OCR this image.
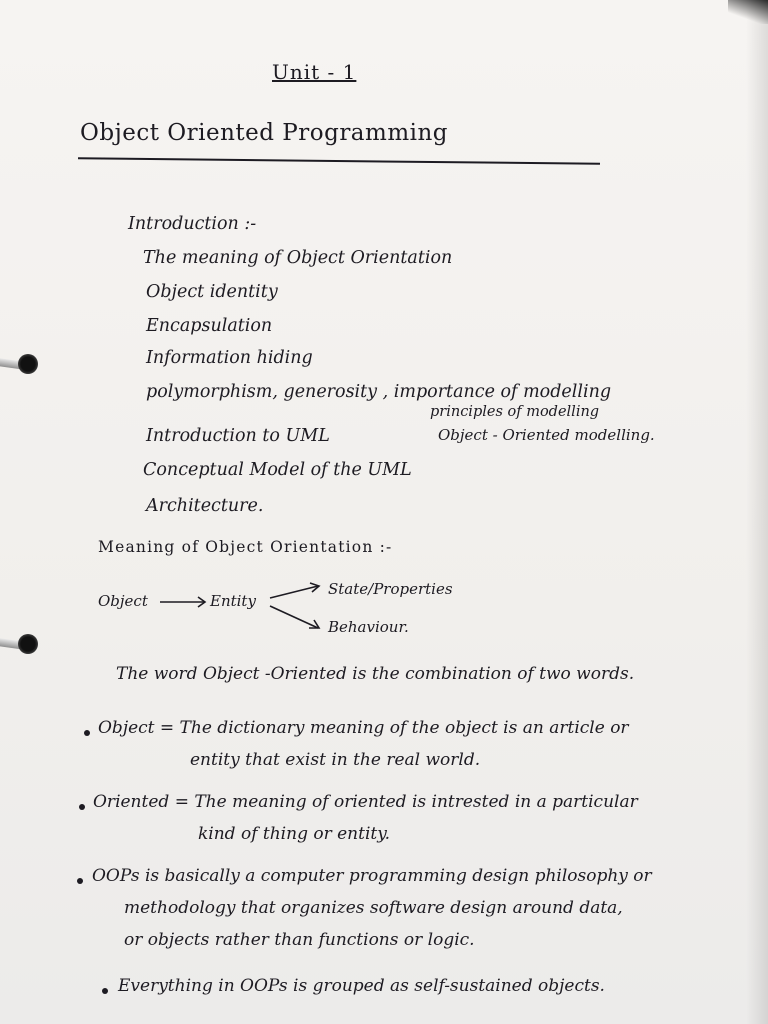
Unit - 1
Object Oriented Programming
Introduction :-
The meaning of Object Orientation
Object identity
Encapsulation
Information hiding
polymorphism, generosity , importance of modelling
principles of modelling
Introduction to UML	Object - Oriented modelling.
Conceptual Model of the UML
Architecture.
Meaning of Object Orientation :-
Object	Entity
State/Properties
Behaviour.
The word Object -Oriented is the combination of two words.
Object = The dictionary meaning of the object is an article or
entity that exist in the real world.
Oriented = The meaning of oriented is intrested in a particular
kind of thing or entity.
OOPs is basically a computer programming design philosophy or
methodology that organizes software design around data,
or objects rather than functions or logic.
Everything in OOPs is grouped as self-sustained objects.
